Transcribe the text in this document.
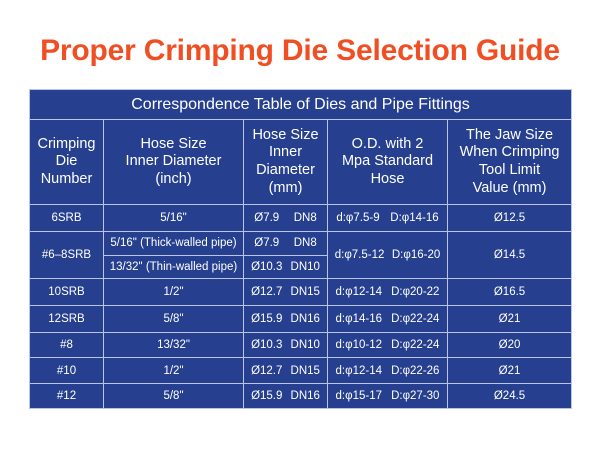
Proper Crimping Die Selection Guide
Correspondence Table of Dies and Pipe Fittings				
Crimping
Die
Number	Hose Size
Inner Diameter
(inch)	Hose Size
Inner
Diameter
(mm)	O.D. with 2
Mpa Standard
Hose	The Jaw Size
When Crimping
Tool Limit
Value (mm)
6SRB	5/16"	Ø7.9 DN8	d:φ7.5-9 D:φ14-16	Ø12.5
#6–8SRB	5/16" (Thick-walled pipe)	Ø7.9 DN8	d:φ7.5-12 D:φ16-20	Ø14.5
	13/32" (Thin-walled pipe)	Ø10.3 DN10		

10SRB	1/2"	Ø12.7 DN15	d:φ12-14 D:φ20-22	Ø16.5
12SRB	5/8"	Ø15.9 DN16	d:φ14-16 D:φ22-24	Ø21
#8	13/32"	Ø10.3 DN10	d:φ10-12 D:φ22-24	Ø20
#10	1/2"	Ø12.7 DN15	d:φ12-14 D:φ22-26	Ø21
#12	5/8"	Ø15.9 DN16	d:φ15-17 D:φ27-30	Ø24.5
